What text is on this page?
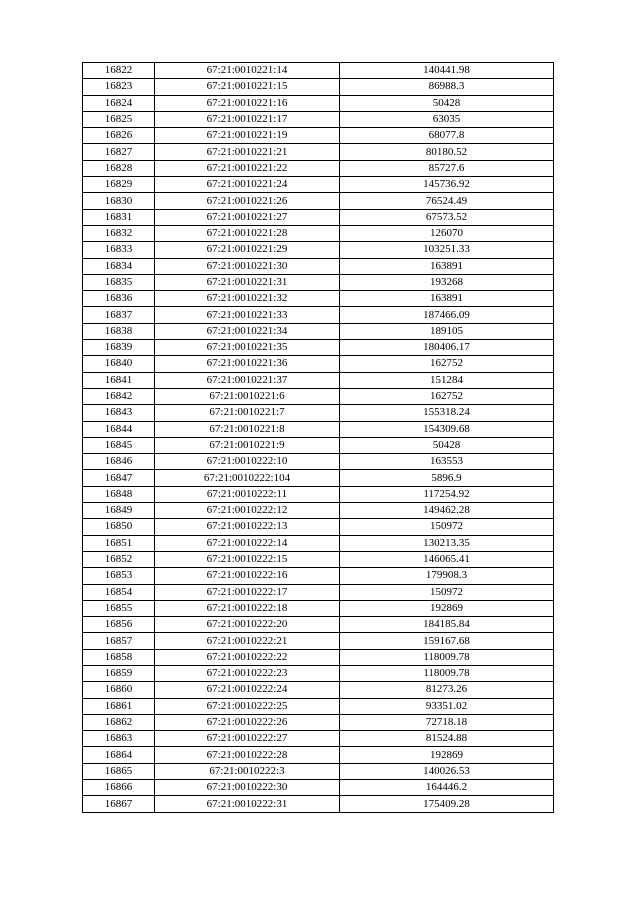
16822	67:21:0010221:14	140441.98
16823	67:21:0010221:15	86988.3
16824	67:21:0010221:16	50428
16825	67:21:0010221:17	63035
16826	67:21:0010221:19	68077.8
16827	67:21:0010221:21	80180.52
16828	67:21:0010221:22	85727.6
16829	67:21:0010221:24	145736.92
16830	67:21:0010221:26	76524.49
16831	67:21:0010221:27	67573.52
16832	67:21:0010221:28	126070
16833	67:21:0010221:29	103251.33
16834	67:21:0010221:30	163891
16835	67:21:0010221:31	193268
16836	67:21:0010221:32	163891
16837	67:21:0010221:33	187466.09
16838	67:21:0010221:34	189105
16839	67:21:0010221:35	180406.17
16840	67:21:0010221:36	162752
16841	67:21:0010221:37	151284
16842	67:21:0010221:6	162752
16843	67:21:0010221:7	155318.24
16844	67:21:0010221:8	154309.68
16845	67:21:0010221:9	50428
16846	67:21:0010222:10	163553
16847	67:21:0010222:104	5896.9
16848	67:21:0010222:11	117254.92
16849	67:21:0010222:12	149462.28
16850	67:21:0010222:13	150972
16851	67:21:0010222:14	130213.35
16852	67:21:0010222:15	146065.41
16853	67:21:0010222:16	179908.3
16854	67:21:0010222:17	150972
16855	67:21:0010222:18	192869
16856	67:21:0010222:20	184185.84
16857	67:21:0010222:21	159167.68
16858	67:21:0010222:22	118009.78
16859	67:21:0010222:23	118009.78
16860	67:21:0010222:24	81273.26
16861	67:21:0010222:25	93351.02
16862	67:21:0010222:26	72718.18
16863	67:21:0010222:27	81524.88
16864	67:21:0010222:28	192869
16865	67:21:0010222:3	140026.53
16866	67:21:0010222:30	164446.2
16867	67:21:0010222:31	175409.28
